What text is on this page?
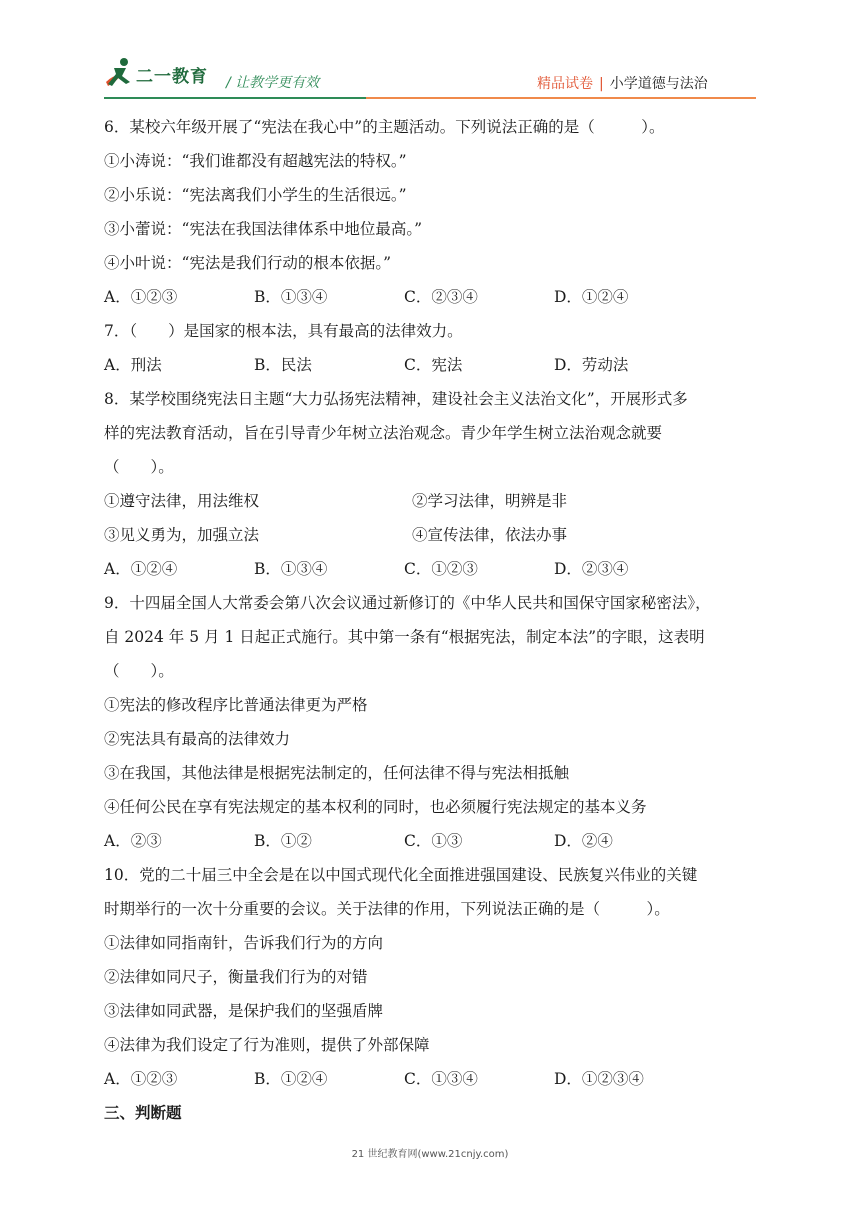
二一教育 / 让教学更有效	精品试卷 | 小学道德与法治
6．某校六年级开展了“宪法在我心中”的主题活动。下列说法正确的是（　　　）。
①小涛说：“我们谁都没有超越宪法的特权。”
②小乐说：“宪法离我们小学生的生活很远。”
③小蕾说：“宪法在我国法律体系中地位最高。”
④小叶说：“宪法是我们行动的根本依据。”
A．①②③	B．①③④	C．②③④	D．①②④
7．（　　）是国家的根本法，具有最高的法律效力。
A．刑法	B．民法	C．宪法	D．劳动法
8．某学校围绕宪法日主题“大力弘扬宪法精神，建设社会主义法治文化”，开展形式多
样的宪法教育活动，旨在引导青少年树立法治观念。青少年学生树立法治观念就要
（　　）。
①遵守法律，用法维权	②学习法律，明辨是非
③见义勇为，加强立法	④宣传法律，依法办事
A．①②④	B．①③④	C．①②③	D．②③④
9．十四届全国人大常委会第八次会议通过新修订的《中华人民共和国保守国家秘密法》，
自 2024 年 5 月 1 日起正式施行。其中第一条有“根据宪法，制定本法”的字眼，这表明
（　　）。
①宪法的修改程序比普通法律更为严格
②宪法具有最高的法律效力
③在我国，其他法律是根据宪法制定的，任何法律不得与宪法相抵触
④任何公民在享有宪法规定的基本权利的同时，也必须履行宪法规定的基本义务
A．②③	B．①②	C．①③	D．②④
10．党的二十届三中全会是在以中国式现代化全面推进强国建设、民族复兴伟业的关键
时期举行的一次十分重要的会议。关于法律的作用，下列说法正确的是（　　　）。
①法律如同指南针，告诉我们行为的方向
②法律如同尺子，衡量我们行为的对错
③法律如同武器，是保护我们的坚强盾牌
④法律为我们设定了行为准则，提供了外部保障
A．①②③	B．①②④	C．①③④	D．①②③④
三、判断题
21 世纪教育网(www.21cnjy.com)
